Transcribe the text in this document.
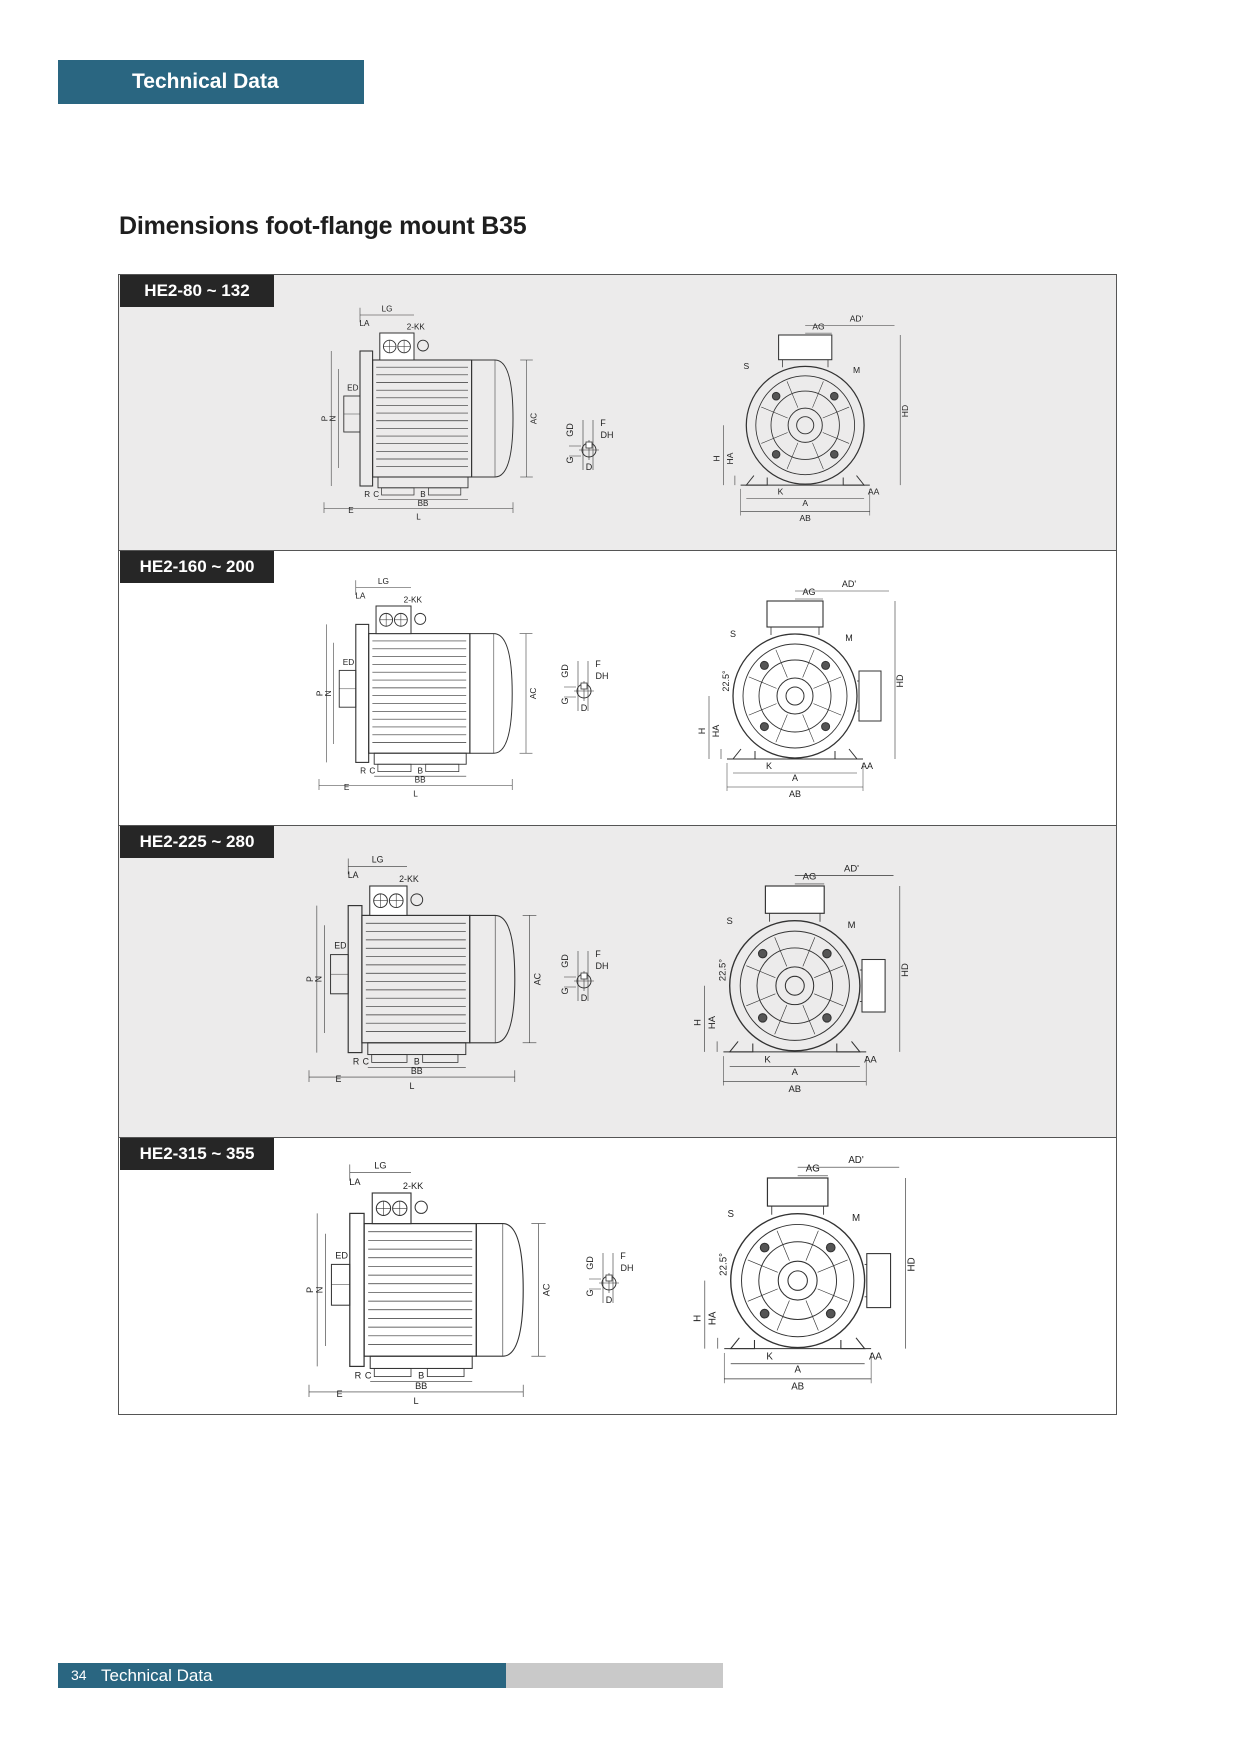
Technical Data
Dimensions foot-flange mount B35
HE2-80 ~ 132
LG
LA	2-KK
ED
P N
R
E
C	B
BB
L
AC
GD
F
DH
G
D
AD'
AG
S	M
HD
H HA
K	AA
A
AB
HE2-160 ~ 200
LG
LA	2-KK
ED
P N
R
E
C	B
BB
L
AC
GD
F
DH
G
D
AD'
AG
S	M
HD
H HA
K	AA
A
AB
22.5°
HE2-225 ~ 280
LG
LA	2-KK
ED
P
N
R
E
C	B
BB
L
AC
GD
F
DH
G
D
AD'
AG
S	M
HD
H HA
K	AA
A
AB
22.5°
HE2-315 ~ 355
LG
LA	2-KK
ED
P N
R
E
C	B
BB
L
AC
GD
F
DH
G
D
AD'
AG
S	M
HD
H HA
K	AA
A
AB
22.5°
34 Technical Data
